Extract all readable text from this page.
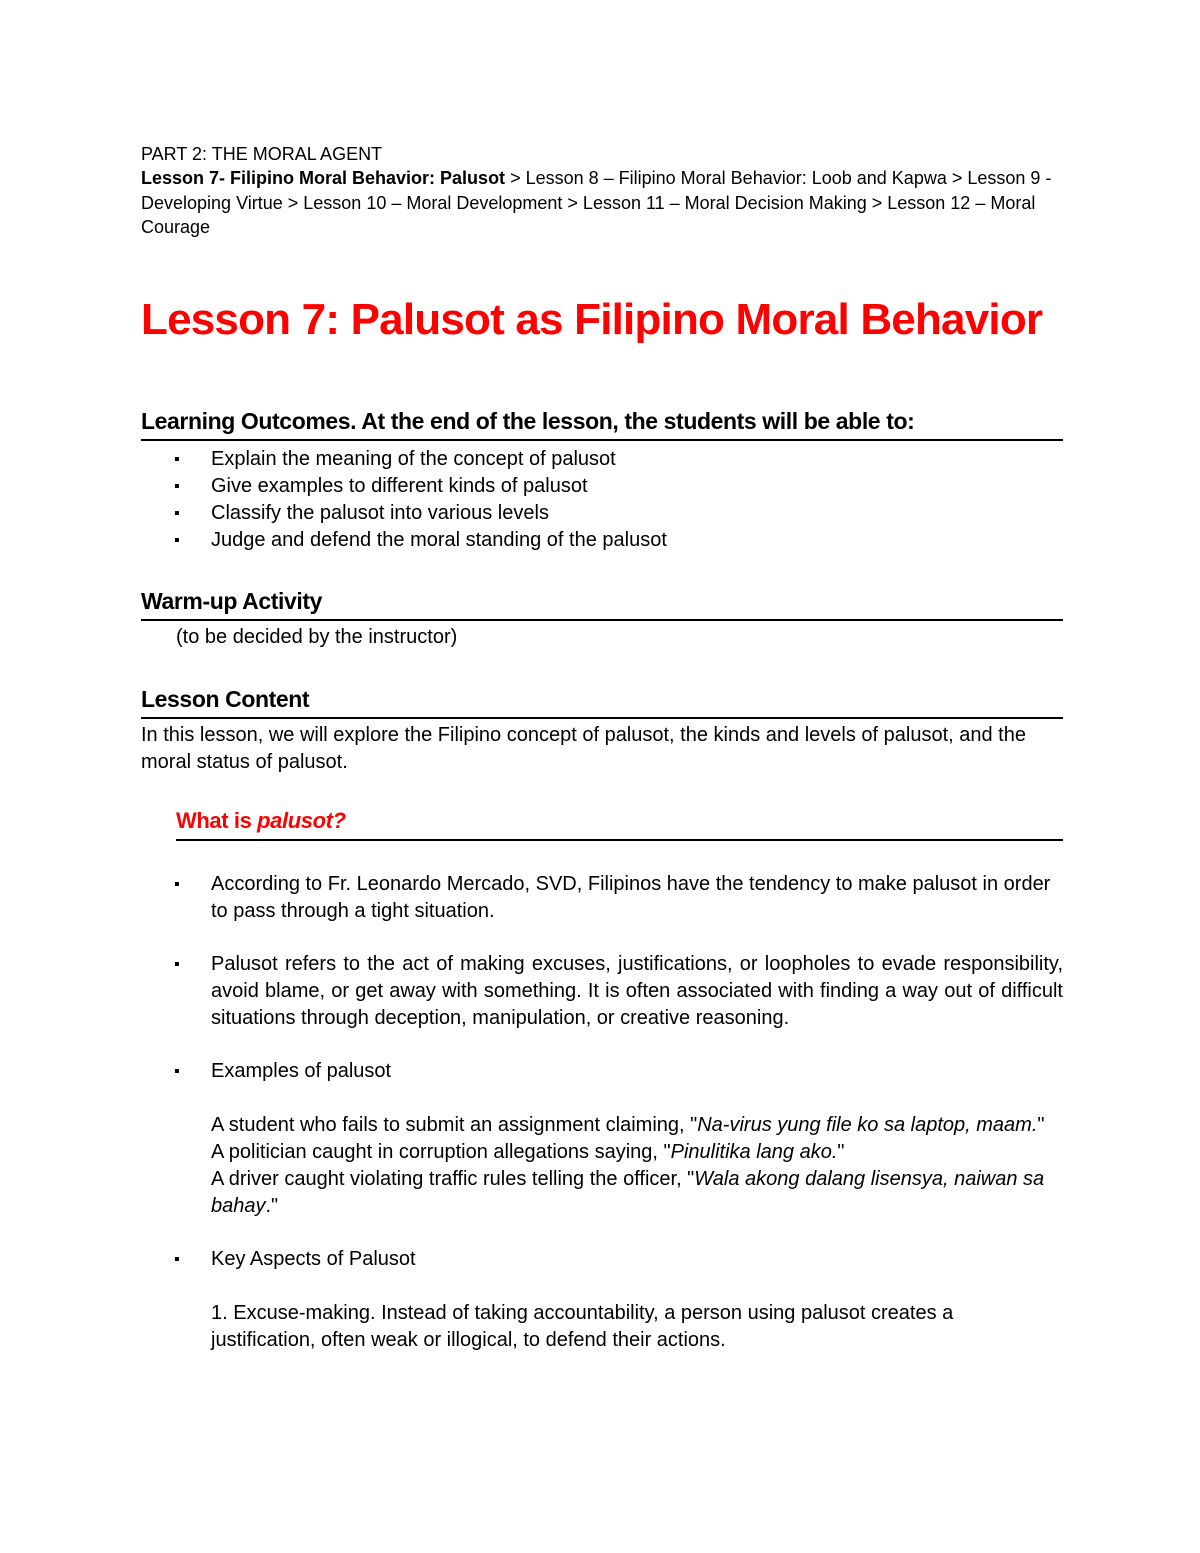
PART 2: THE MORAL AGENT
Lesson 7- Filipino Moral Behavior: Palusot > Lesson 8 – Filipino Moral Behavior: Loob and Kapwa > Lesson 9 - Developing Virtue > Lesson 10 – Moral Development > Lesson 11 – Moral Decision Making > Lesson 12 – Moral Courage
Lesson 7: Palusot as Filipino Moral Behavior
Learning Outcomes. At the end of the lesson, the students will be able to:
▪ Explain the meaning of the concept of palusot
▪ Give examples to different kinds of palusot
▪ Classify the palusot into various levels
▪ Judge and defend the moral standing of the palusot
Warm-up Activity
(to be decided by the instructor)
Lesson Content
In this lesson, we will explore the Filipino concept of palusot, the kinds and levels of palusot, and the moral status of palusot.
What is palusot?
▪ According to Fr. Leonardo Mercado, SVD, Filipinos have the tendency to make palusot in order to pass through a tight situation.
▪ Palusot refers to the act of making excuses, justifications, or loopholes to evade responsibility, avoid blame, or get away with something. It is often associated with finding a way out of difficult situations through deception, manipulation, or creative reasoning.
▪ Examples of palusot

A student who fails to submit an assignment claiming, "Na-virus yung file ko sa laptop, maam."

A politician caught in corruption allegations saying, "Pinulitika lang ako."

A driver caught violating traffic rules telling the officer, "Wala akong dalang lisensya, naiwan sa bahay."

▪ Key Aspects of Palusot
1. Excuse-making. Instead of taking accountability, a person using palusot creates a justification, often weak or illogical, to defend their actions.
